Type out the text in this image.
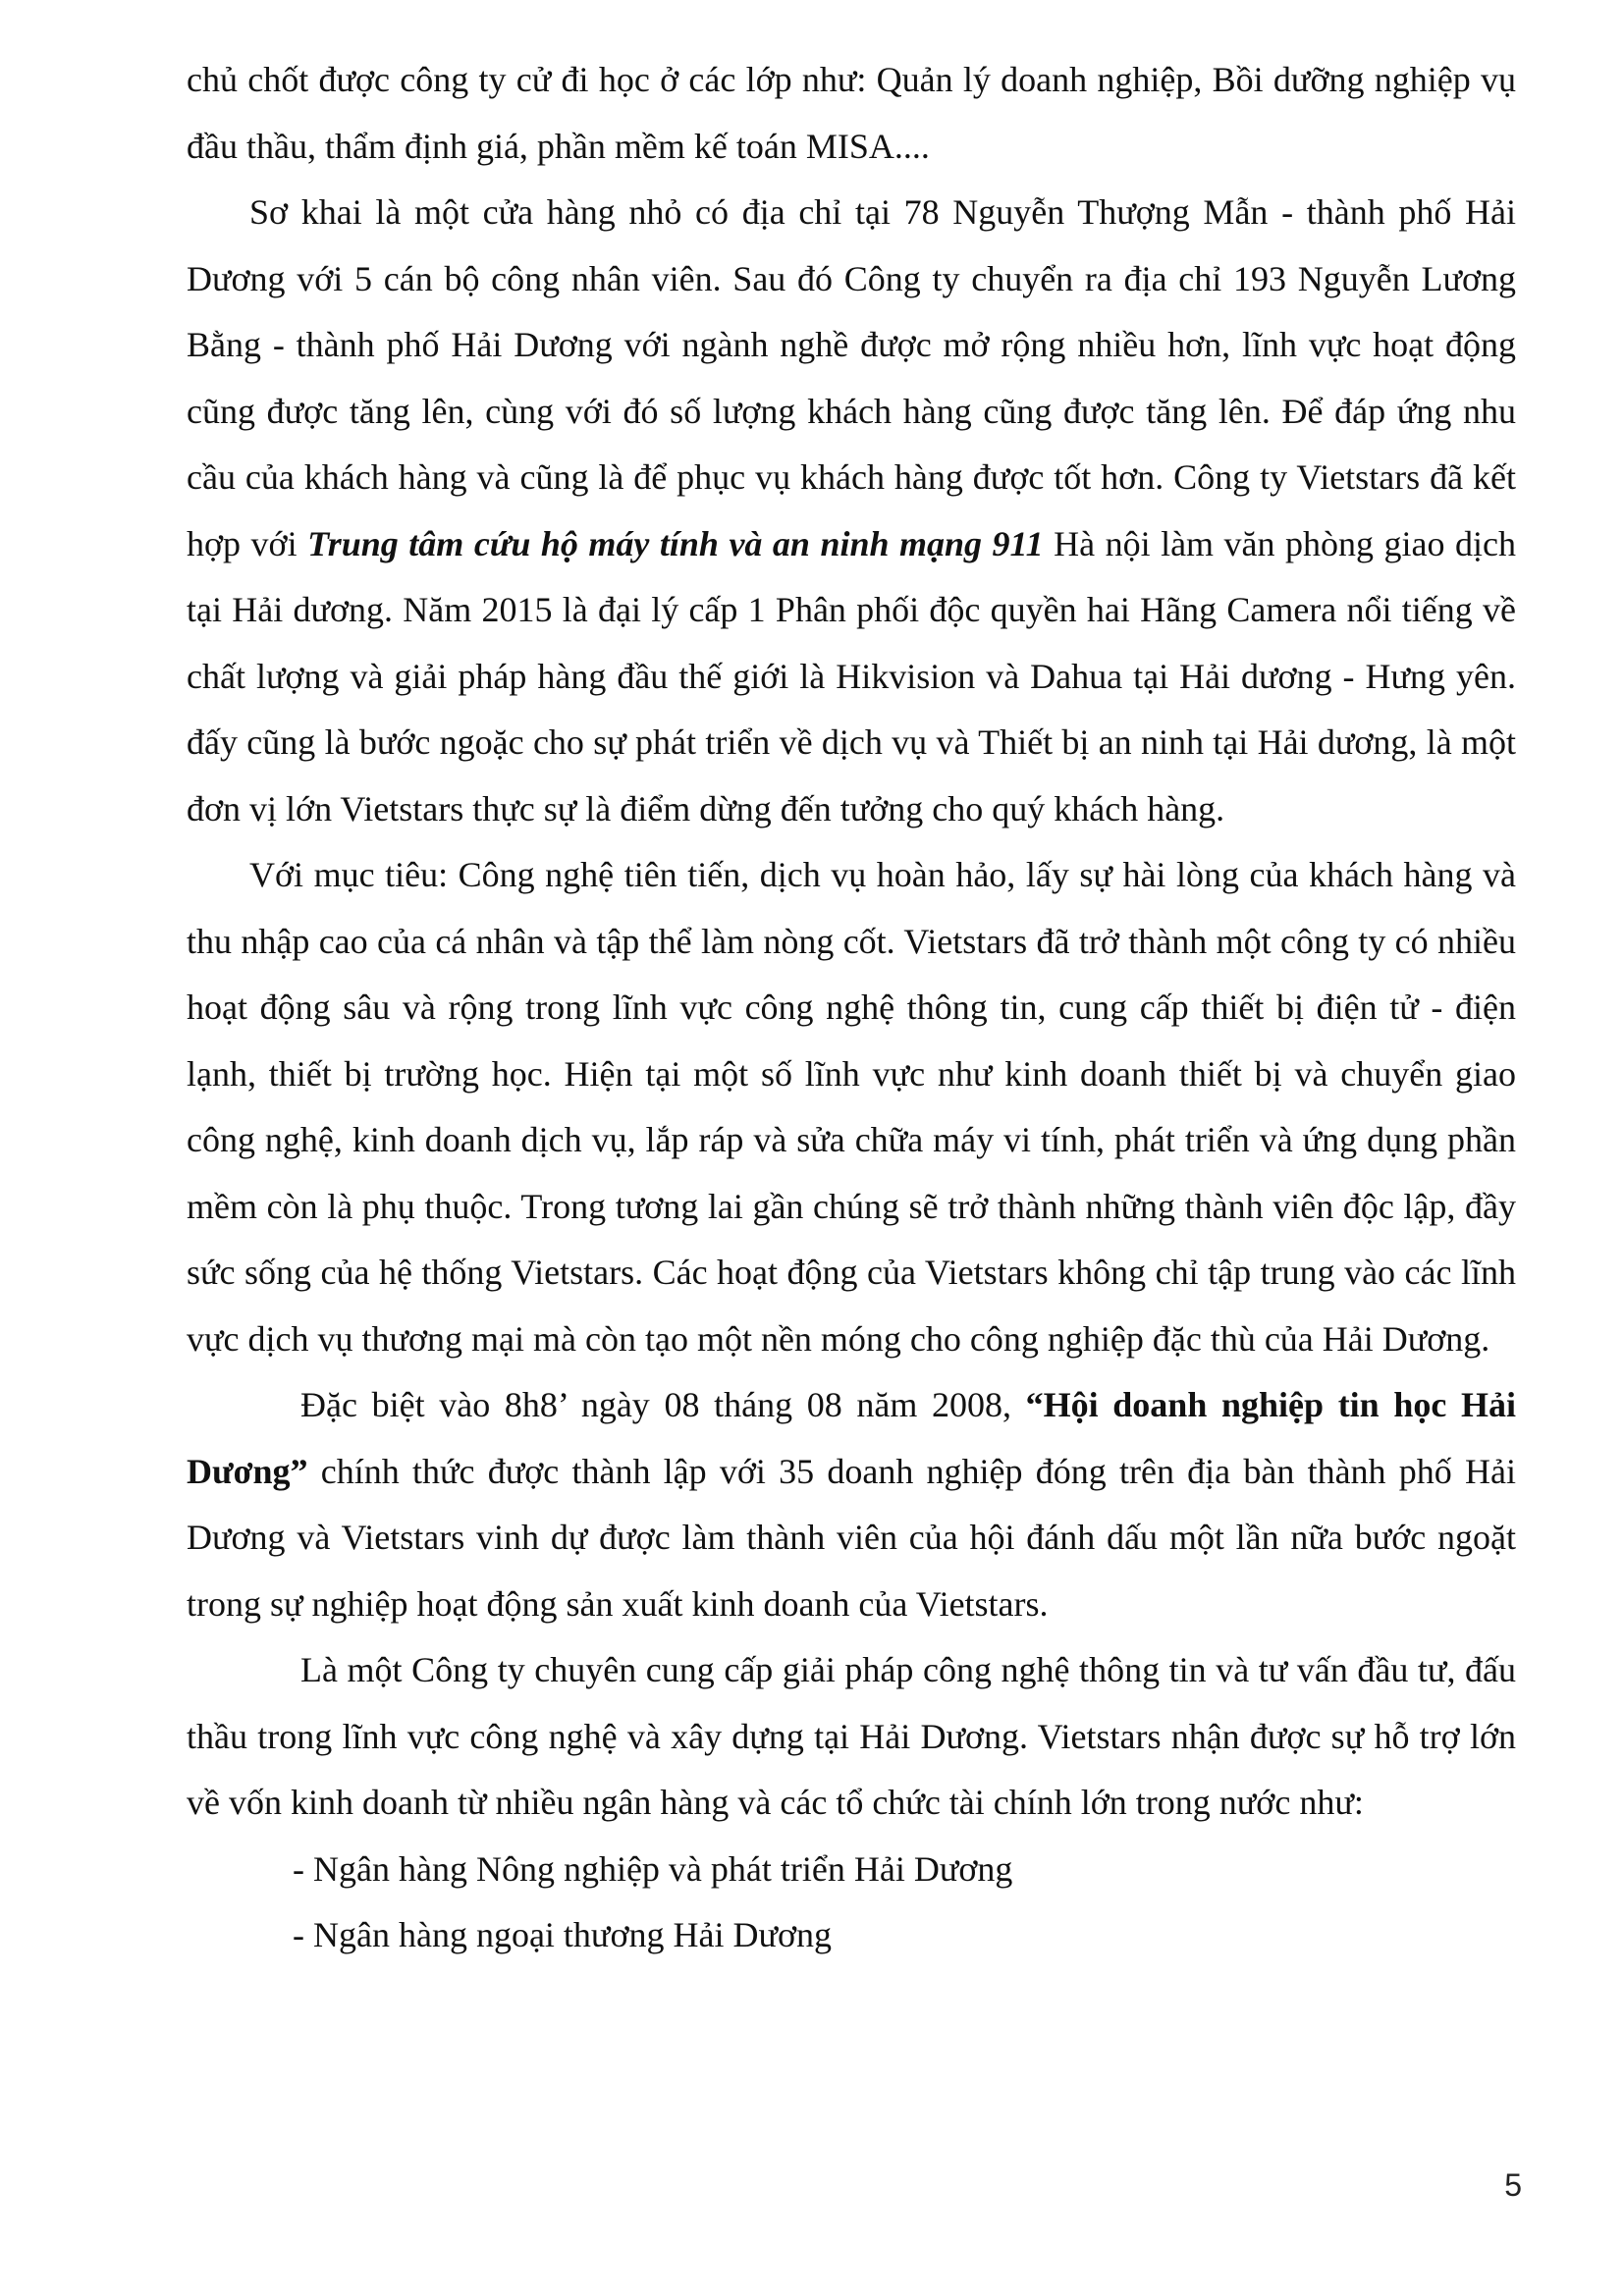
chủ chốt được công ty cử đi học ở các lớp như: Quản lý doanh nghiệp, Bồi dưỡng nghiệp vụ đầu thầu, thẩm định giá, phần mềm kế toán MISA....

Sơ khai là một cửa hàng nhỏ có địa chỉ tại 78 Nguyễn Thượng Mẫn - thành phố Hải Dương với 5 cán bộ công nhân viên. Sau đó Công ty chuyển ra địa chỉ 193 Nguyễn Lương Bằng - thành phố Hải Dương với ngành nghề được mở rộng nhiều hơn, lĩnh vực hoạt động cũng được tăng lên, cùng với đó số lượng khách hàng cũng được tăng lên. Để đáp ứng nhu cầu của khách hàng và cũng là để phục vụ khách hàng được tốt hơn. Công ty Vietstars đã kết hợp với Trung tâm cứu hộ máy tính và an ninh mạng 911 Hà nội làm văn phòng giao dịch tại Hải dương. Năm 2015 là đại lý cấp 1 Phân phối độc quyền hai Hãng Camera nổi tiếng về chất lượng và giải pháp hàng đầu thế giới là Hikvision và Dahua tại Hải dương - Hưng yên. đấy cũng là bước ngoặc cho sự phát triển về dịch vụ và Thiết bị an ninh tại Hải dương, là một đơn vị lớn Vietstars thực sự là điểm dừng đến tưởng cho quý khách hàng.

Với mục tiêu: Công nghệ tiên tiến, dịch vụ hoàn hảo, lấy sự hài lòng của khách hàng và thu nhập cao của cá nhân và tập thể làm nòng cốt. Vietstars đã trở thành một công ty có nhiều hoạt động sâu và rộng trong lĩnh vực công nghệ thông tin, cung cấp thiết bị điện tử - điện lạnh, thiết bị trường học. Hiện tại một số lĩnh vực như kinh doanh thiết bị và chuyển giao công nghệ, kinh doanh dịch vụ, lắp ráp và sửa chữa máy vi tính, phát triển và ứng dụng phần mềm còn là phụ thuộc. Trong tương lai gần chúng sẽ trở thành những thành viên độc lập, đầy sức sống của hệ thống Vietstars. Các hoạt động của Vietstars không chỉ tập trung vào các lĩnh vực dịch vụ thương mại mà còn tạo một nền móng cho công nghiệp đặc thù của Hải Dương.

Đặc biệt vào 8h8’ ngày 08 tháng 08 năm 2008, “Hội doanh nghiệp tin học Hải Dương” chính thức được thành lập với 35 doanh nghiệp đóng trên địa bàn thành phố Hải Dương và Vietstars vinh dự được làm thành viên của hội đánh dấu một lần nữa bước ngoặt trong sự nghiệp hoạt động sản xuất kinh doanh của Vietstars.

Là một Công ty chuyên cung cấp giải pháp công nghệ thông tin và tư vấn đầu tư, đấu thầu trong lĩnh vực công nghệ và xây dựng tại Hải Dương. Vietstars nhận được sự hỗ trợ lớn về vốn kinh doanh từ nhiều ngân hàng và các tổ chức tài chính lớn trong nước như:

- Ngân hàng Nông nghiệp và phát triển Hải Dương
- Ngân hàng ngoại thương Hải Dương
5
